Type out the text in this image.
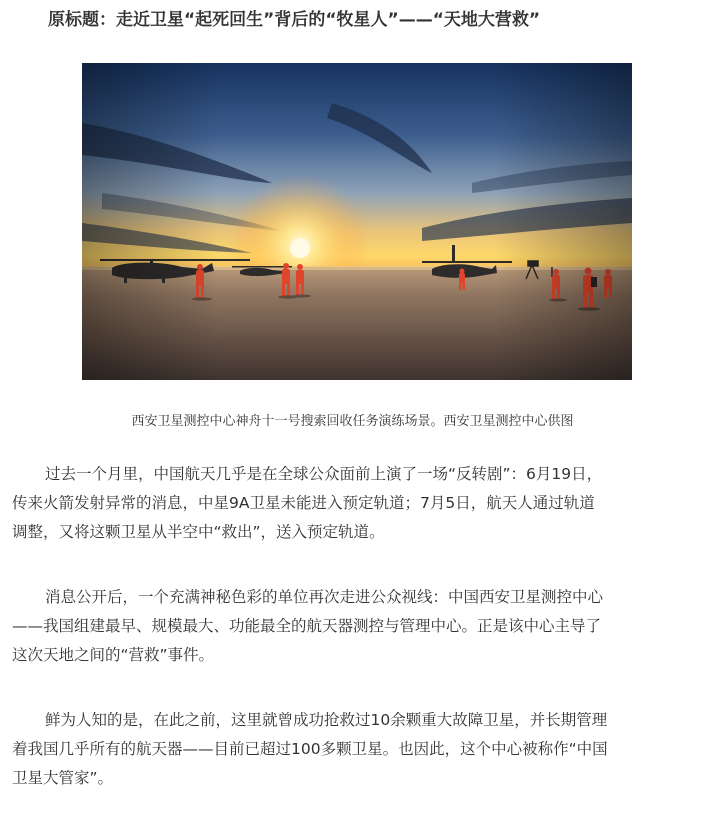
原标题：走近卫星“起死回生”背后的“牧星人”——“天地大营救”
西安卫星测控中心神舟十一号搜索回收任务演练场景。西安卫星测控中心供图
过去一个月里，中国航天几乎是在全球公众面前上演了一场“反转剧”：6月19日，
传来火箭发射异常的消息，中星9A卫星未能进入预定轨道；7月5日，航天人通过轨道
调整，又将这颗卫星从半空中“救出”，送入预定轨道。
消息公开后，一个充满神秘色彩的单位再次走进公众视线：中国西安卫星测控中心
——我国组建最早、规模最大、功能最全的航天器测控与管理中心。正是该中心主导了
这次天地之间的“营救”事件。
鲜为人知的是，在此之前，这里就曾成功抢救过10余颗重大故障卫星，并长期管理
着我国几乎所有的航天器——目前已超过100多颗卫星。也因此，这个中心被称作“中国
卫星大管家”。
